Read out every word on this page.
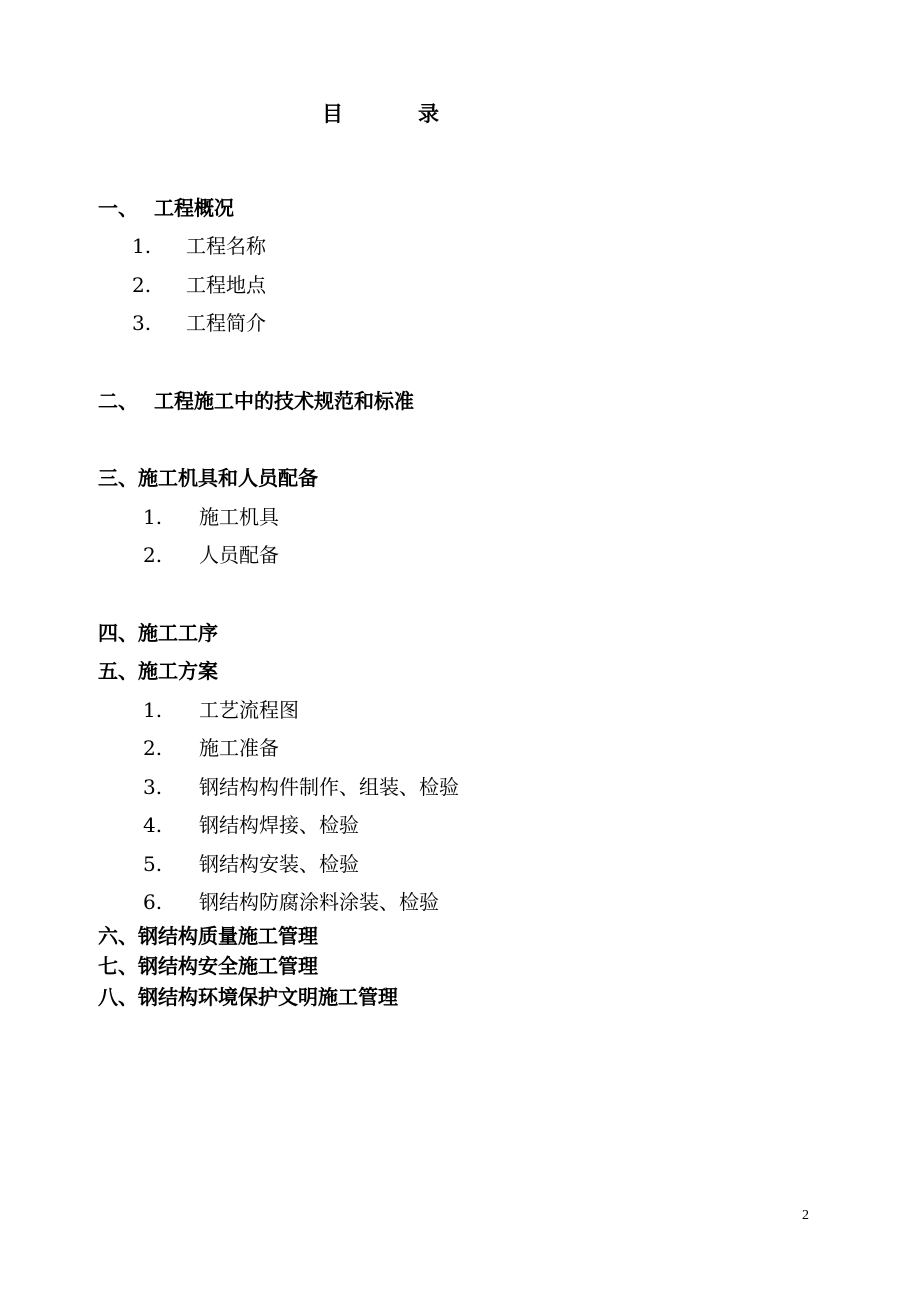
目	录
一、 工程概况
1. 工程名称
2. 工程地点
3. 工程简介
二、 工程施工中的技术规范和标准
三、施工机具和人员配备
1. 施工机具
2. 人员配备
四、施工工序
五、施工方案
1. 工艺流程图
2. 施工准备
3. 钢结构构件制作、组装、检验
4. 钢结构焊接、检验
5. 钢结构安装、检验
6. 钢结构防腐涂料涂装、检验
六、钢结构质量施工管理
七、钢结构安全施工管理
八、钢结构环境保护文明施工管理
2
